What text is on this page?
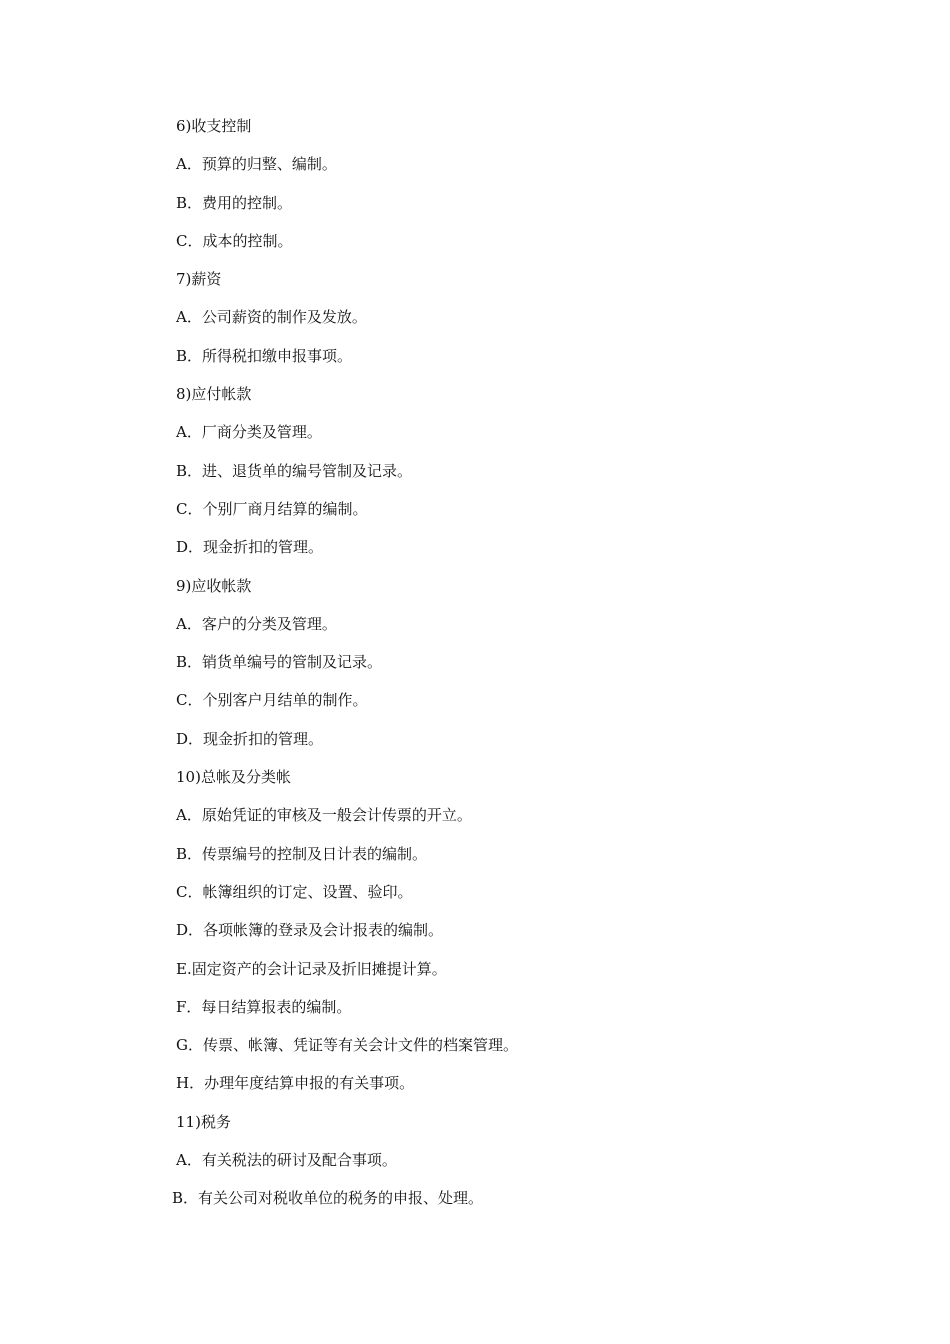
6)收支控制
A．预算的归整、编制。
B．费用的控制。
C．成本的控制。
7)薪资
A．公司薪资的制作及发放。
B．所得税扣缴申报事项。
8)应付帐款
A．厂商分类及管理。
B．进、退货单的编号管制及记录。
C．个别厂商月结算的编制。
D．现金折扣的管理。
9)应收帐款
A．客户的分类及管理。
B．销货单编号的管制及记录。
C．个别客户月结单的制作。
D．现金折扣的管理。
10)总帐及分类帐
A．原始凭证的审核及一般会计传票的开立。
B．传票编号的控制及日计表的编制。
C．帐簿组织的订定、设置、验印。
D．各项帐簿的登录及会计报表的编制。
E.固定资产的会计记录及折旧摊提计算。
F．每日结算报表的编制。
G．传票、帐簿、凭证等有关会计文件的档案管理。
H．办理年度结算申报的有关事项。
11)税务
A．有关税法的研讨及配合事项。
B．有关公司对税收单位的税务的申报、处理。
